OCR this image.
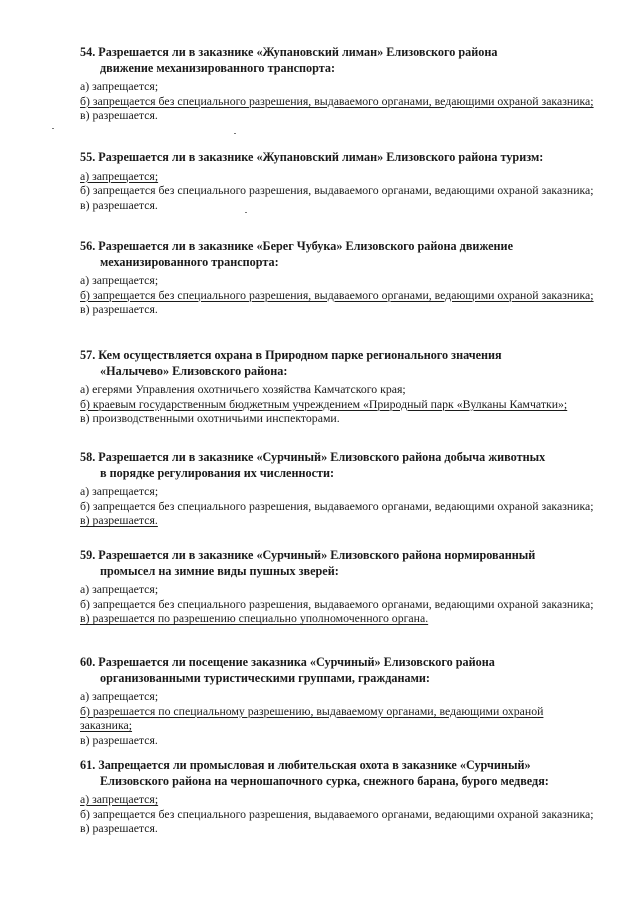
54. Разрешается ли в заказнике «Жупановский лиман» Елизовского района
движение механизированного транспорта:

а) запрещается;

б) запрещается без специального разрешения, выдаваемого органами, ведающими охраной заказника;

в) разрешается.

55. Разрешается ли в заказнике «Жупановский лиман» Елизовского района туризм:

а) запрещается;

б) запрещается без специального разрешения, выдаваемого органами, ведающими охраной заказника;

в) разрешается.

56. Разрешается ли в заказнике «Берег Чубука» Елизовского района движение
механизированного транспорта:

а) запрещается;

б) запрещается без специального разрешения, выдаваемого органами, ведающими охраной заказника;

в) разрешается.

57. Кем осуществляется охрана в Природном парке регионального значения
«Налычево» Елизовского района:

а) егерями Управления охотничьего хозяйства Камчатского края;

б) краевым государственным бюджетным учреждением «Природный парк «Вулканы Камчатки»;

в) производственными охотничьими инспекторами.

58. Разрешается ли в заказнике «Сурчиный» Елизовского района добыча животных
в порядке регулирования их численности:

а) запрещается;

б) запрещается без специального разрешения, выдаваемого органами, ведающими охраной заказника;

в) разрешается.

59. Разрешается ли в заказнике «Сурчиный» Елизовского района нормированный
промысел на зимние виды пушных зверей:

а) запрещается;

б) запрещается без специального разрешения, выдаваемого органами, ведающими охраной заказника;

в) разрешается по разрешению специально уполномоченного органа.

60. Разрешается ли посещение заказника «Сурчиный» Елизовского района
организованными туристическими группами, гражданами:

а) запрещается;

б) разрешается по специальному разрешению, выдаваемому органами, ведающими охраной заказника;

в) разрешается.

61. Запрещается ли промысловая и любительская охота в заказнике «Сурчиный»
Елизовского района на черношапочного сурка, снежного барана, бурого медведя:

а) запрещается;

б) запрещается без специального разрешения, выдаваемого органами, ведающими охраной заказника;

в) разрешается.
